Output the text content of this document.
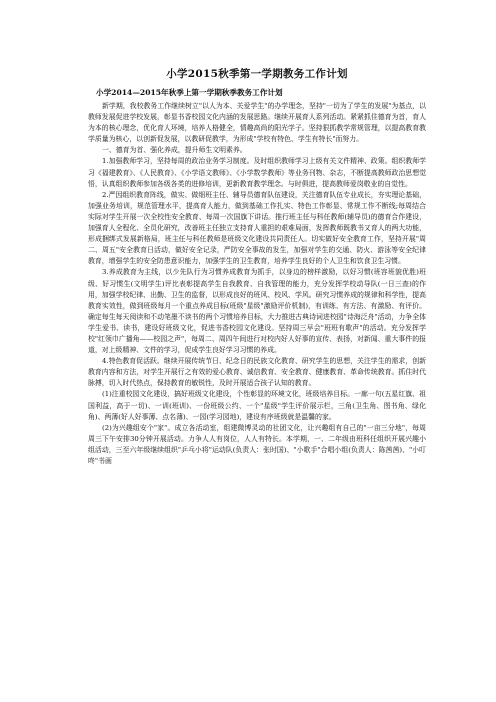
小学2015秋季第一学期教务工作计划
小学2014—2015年秋季上第一学期秋季教务工作计划

新学期，我校教务工作继续树立"以人为本、关爱学生"的办学理念，坚持"一切为了学生的发展"为基点，以教师发展促进学校发展，彰显书香校园文化内涵的发展思路。继续开展育人系列活动。紧紧抓住德育为首，育人为本的核心理念，优化育人环境，培养人格健全，情趣高尚的阳光学子。坚持狠抓教学常规管理，以提高教育教学质量为核心，以创新促发展，以教研促教学，为形成"学校有特色、学生有特长"而努力。

一、德育为首、强化养成，提升师生文明素养。

1.加强教师学习，坚持每周的政治业务学习制度。及时组织教师学习上级有关文件精神、政策。组织教师学习《福建教育》、《人民教育》、《小学语文教师》、《小学数学教师》等业务刊物、杂志，不断提高教师政治思想觉悟，认真组织教师参加各级各类的进修培训，更新教育教学理念。与时俱进，提高教师爱岗敬业的自觉性。

2.严因组织教育阵线，做实、做细班主任、辅导员德育队伍建设，关注德育队伍专业成长，夯实理论基础，加强业务培训，规范管理水平，提高育人能力，做到基础工作扎实、特色工作彰显、常规工作不断线;每周结合实际对学生开展一次全校性安全教育、每周一次国旗下讲话。推行班主任与科任教师(辅导员)的德育合作建设，加强育人全程化、全员化研究，改善班主任独立支持育人重担的艰难局面，发挥教师既教书又育人的两大功能，形成捆绑式发展新格局，班主任与科任教师是班级文化建设共同责任人。切实做好安全教育工作，坚持开展"周二、周五"安全教育日活动，做好安全记录，严防安全事故的发生，加强对学生的交通、防火、游泳等安全纪律教育，增强学生的安全防患意识能力，加强学生的卫生教育，培养学生良好的个人卫生和饮食卫生习惯。

3.养成教育为主线，以少先队行为习惯养成教育为抓手，以身边的榜样激励，以好习惯(班容班貌优胜)班级、好习惯生(文明学生)评比表彰提高学生自我教育、自我管理的能力，充分发挥学校动导队(一日三查)的作用，加强学校纪律、出勤、卫生的监督，以形成良好的班风、校风、学风。研究习惯养成的规律和科学性，提高教育实效性，做到班级每月一个重点养成目标(班级"星级"激励评价机制)，有训练、有方法、有激励、有评价。确定每生每天阅读和不动笔墨不读书的两个习惯培养目标，大力推进古典诗词进校园"诗海泛舟"活动，力争全体学生爱书、读书，建设好班级文化，促进书香校园文化建设。坚持周三早会"班班有歌声"的活动。充分发挥学校"红领巾广播角——校园之声"，每周二、周四午间进行对校内好人好事的宣传、表扬，对新闻、重大事件的报道，对上级精神、文件的学习，促成学生良好学习习惯的养成。

4.特色教育促活跃。继续开展传统节日、纪念日的民族文化教育、研究学生的思想，关注学生的需求，创新教育内容和方法，对学生开展行之有效的爱心教育、诚信教育、安全教育、健康教育、革命传统教育。抓住时代脉搏，切入时代热点，保持教育的敏锐性，及时开展适合孩子认知的教育。

(1)注重校园文化建设，搞好班级文化建设，个性彰显的环境文化，班级培养目标。一廊一句(五星红旗、祖国利益，高于一切)、一训(班训)、一份班级公约、一个"星级"学生评价展示栏，三角(卫生角、图书角、绿化角)、两薄(好人好事薄、点名薄)、一园(学习园地)，建设有序班级就是温馨的家。

(2)为兴趣组安个"家"。成立各活动室，组建微博灵动的社团文化，让兴趣组有自己的"一亩三分地"，每周周三下午安排30分钟开展活动。力争人人有岗位，人人有特长。本学期，一、二年级由班科任组织开展兴趣小组活动，三至六年级继续组织"乒乓小将"运动队(负责人：张时国)、"小歌手"合唱小组(负责人：陈茜茜)、"小叮咚"书画
